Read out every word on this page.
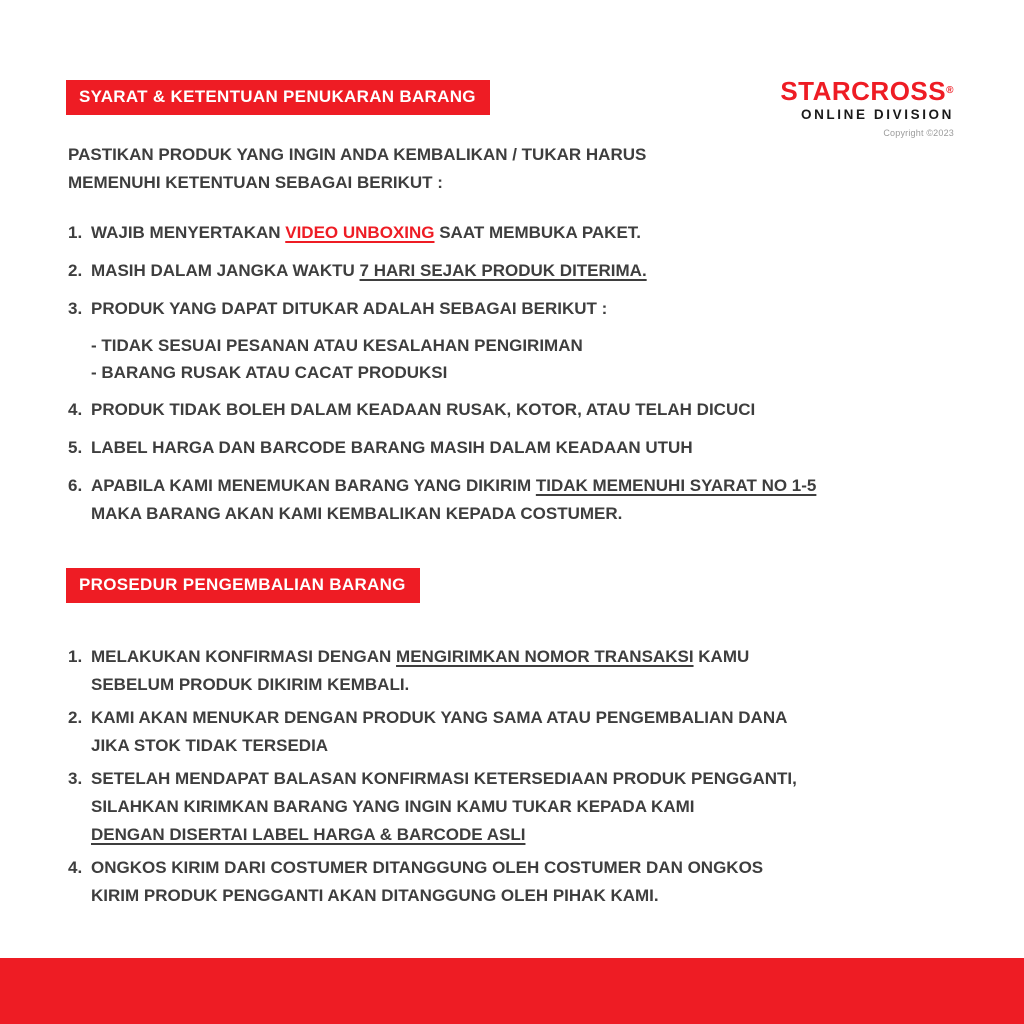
STARCROSS®
ONLINE DIVISION
Copyright ©2023
SYARAT & KETENTUAN PENUKARAN BARANG
PASTIKAN PRODUK YANG INGIN ANDA KEMBALIKAN / TUKAR HARUS
MEMENUHI KETENTUAN SEBAGAI BERIKUT :
1. WAJIB MENYERTAKAN VIDEO UNBOXING SAAT MEMBUKA PAKET.
2. MASIH DALAM JANGKA WAKTU 7 HARI SEJAK PRODUK DITERIMA.
3. PRODUK YANG DAPAT DITUKAR ADALAH SEBAGAI BERIKUT :
- TIDAK SESUAI PESANAN ATAU KESALAHAN PENGIRIMAN
- BARANG RUSAK ATAU CACAT PRODUKSI
4. PRODUK TIDAK BOLEH DALAM KEADAAN RUSAK, KOTOR, ATAU TELAH DICUCI
5. LABEL HARGA DAN BARCODE BARANG MASIH DALAM KEADAAN UTUH
6. APABILA KAMI MENEMUKAN BARANG YANG DIKIRIM TIDAK MEMENUHI SYARAT NO 1-5
MAKA BARANG AKAN KAMI KEMBALIKAN KEPADA COSTUMER.
PROSEDUR PENGEMBALIAN BARANG
1. MELAKUKAN KONFIRMASI DENGAN MENGIRIMKAN NOMOR TRANSAKSI KAMU
SEBELUM PRODUK DIKIRIM KEMBALI.
2. KAMI AKAN MENUKAR DENGAN PRODUK YANG SAMA ATAU PENGEMBALIAN DANA
JIKA STOK TIDAK TERSEDIA
3. SETELAH MENDAPAT BALASAN KONFIRMASI KETERSEDIAAN PRODUK PENGGANTI,
SILAHKAN KIRIMKAN BARANG YANG INGIN KAMU TUKAR KEPADA KAMI
DENGAN DISERTAI LABEL HARGA & BARCODE ASLI
4. ONGKOS KIRIM DARI COSTUMER DITANGGUNG OLEH COSTUMER DAN ONGKOS
KIRIM PRODUK PENGGANTI AKAN DITANGGUNG OLEH PIHAK KAMI.
